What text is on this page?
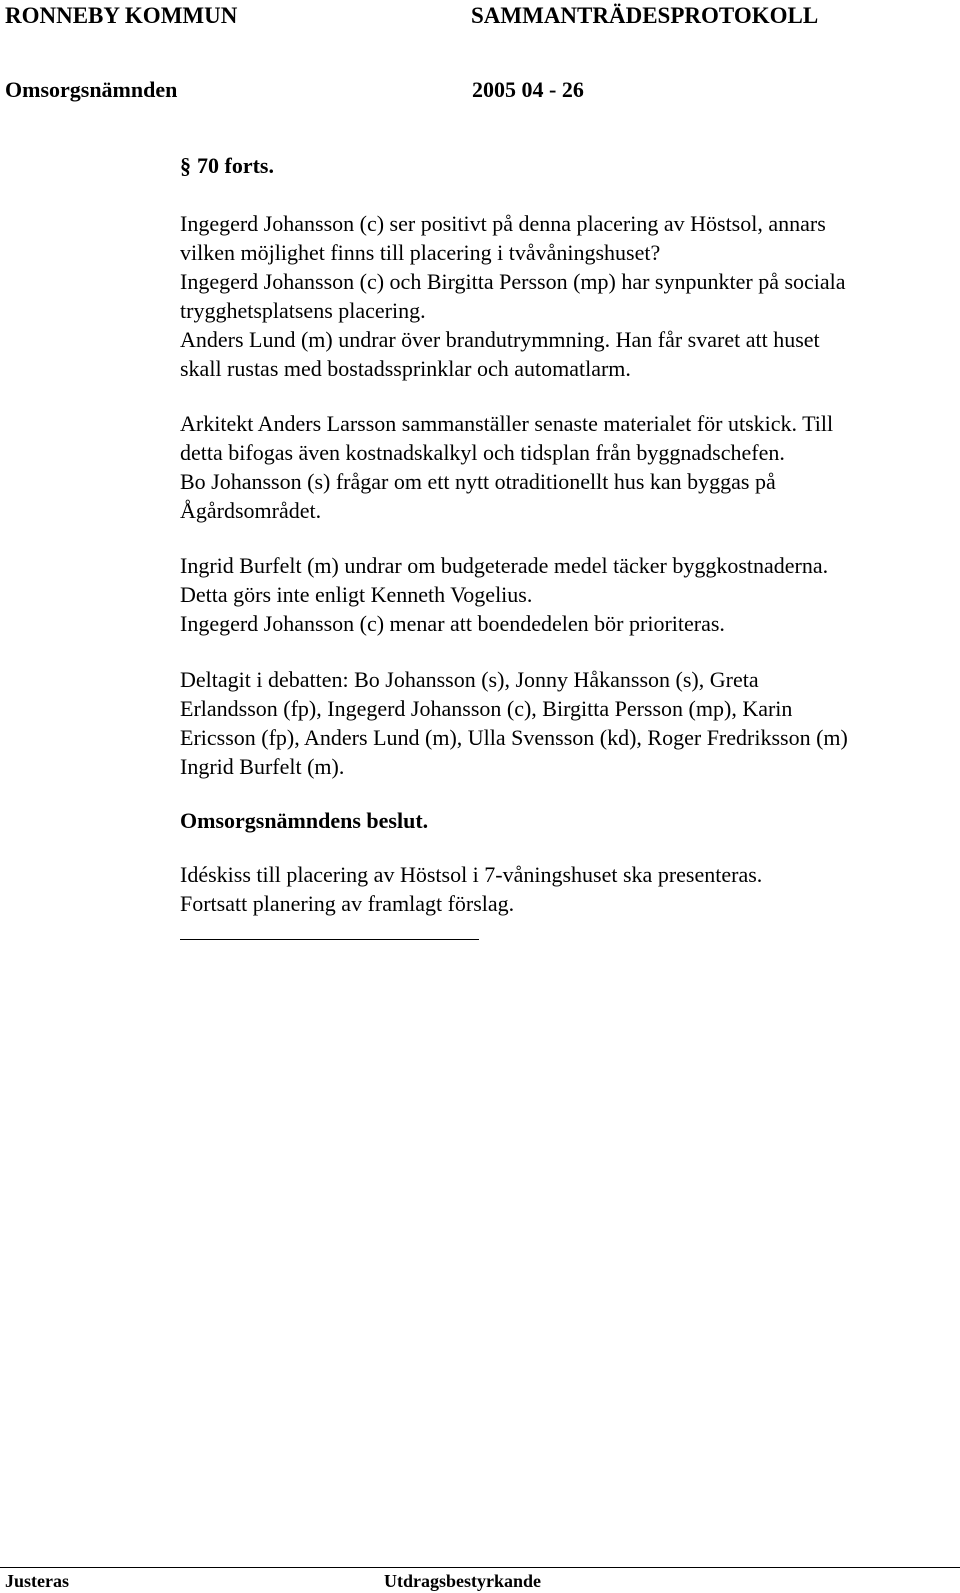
RONNEBY KOMMUN	SAMMANTRÄDESPROTOKOLL
Omsorgsnämnden	2005 04 - 26
§ 70 forts.
Ingegerd Johansson (c) ser positivt på denna placering av Höstsol, annars
vilken möjlighet finns till placering i tvåvåningshuset?
Ingegerd Johansson (c) och Birgitta Persson (mp) har synpunkter på sociala
trygghetsplatsens placering.
Anders Lund (m) undrar över brandutrymmning. Han får svaret att huset
skall rustas med bostadssprinklar och automatlarm.
Arkitekt Anders Larsson sammanställer senaste materialet för utskick. Till
detta bifogas även kostnadskalkyl och tidsplan från byggnadschefen.
Bo Johansson (s) frågar om ett nytt otraditionellt hus kan byggas på
Ågårdsområdet.
Ingrid Burfelt (m) undrar om budgeterade medel täcker byggkostnaderna.
Detta görs inte enligt Kenneth Vogelius.
Ingegerd Johansson (c) menar att boendedelen bör prioriteras.
Deltagit i debatten: Bo Johansson (s), Jonny Håkansson (s), Greta
Erlandsson (fp), Ingegerd Johansson (c), Birgitta Persson (mp), Karin
Ericsson (fp), Anders Lund (m), Ulla Svensson (kd), Roger Fredriksson (m)
Ingrid Burfelt (m).
Omsorgsnämndens beslut.
Idéskiss till placering av Höstsol i 7-våningshuset ska presenteras.
Fortsatt planering av framlagt förslag.
Justeras	Utdragsbestyrkande
